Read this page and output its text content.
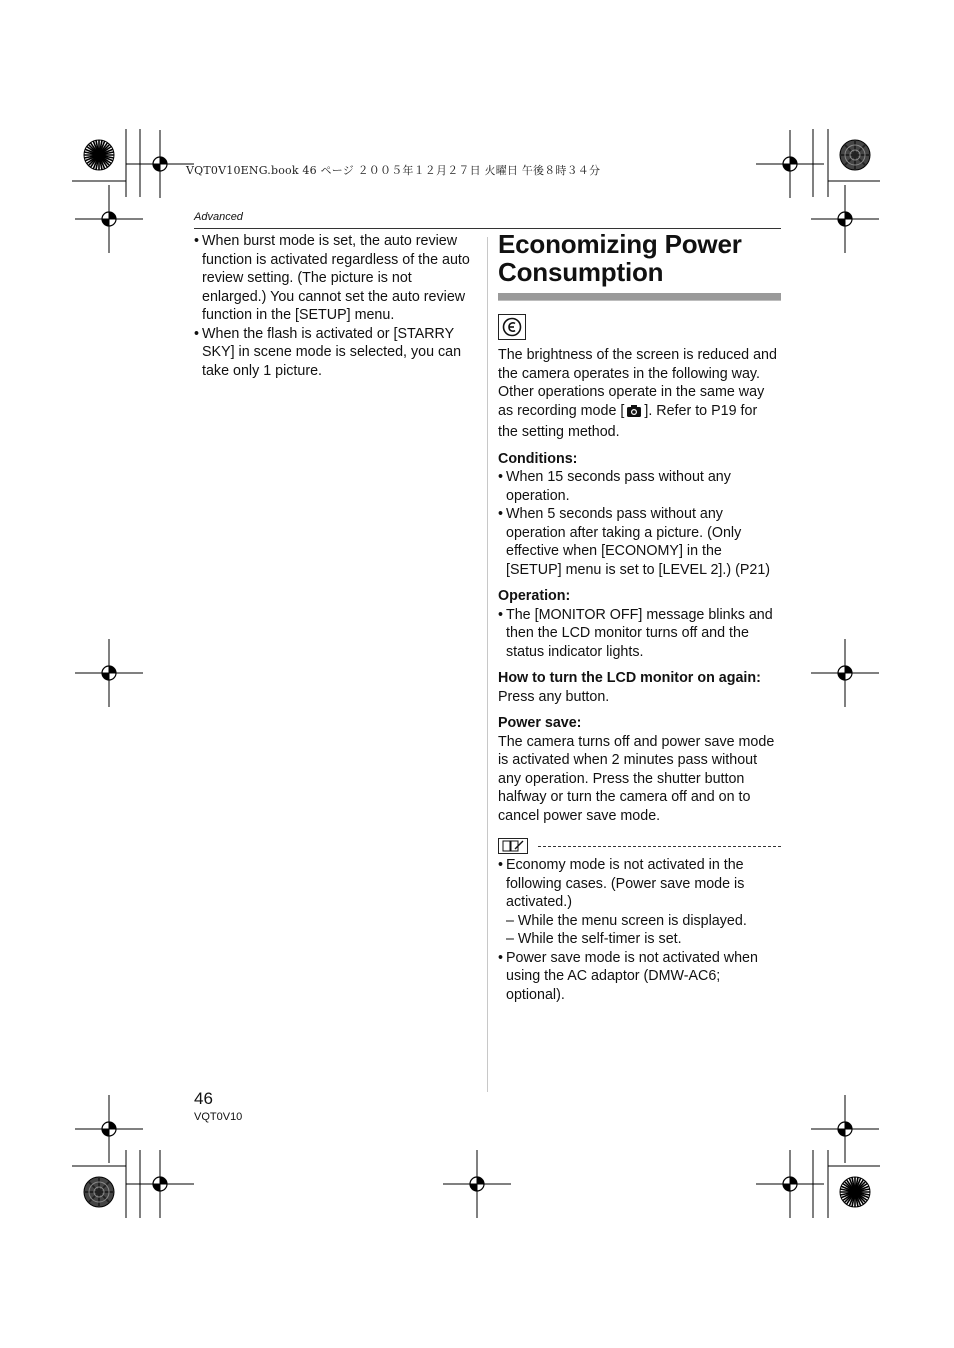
VQT0V10ENG.book 46 ページ ２００５年１２月２７日 火曜日 午後８時３４分
Advanced
• When burst mode is set, the auto review function is activated regardless of the auto review setting. (The picture is not enlarged.) You cannot set the auto review function in the [SETUP] menu.
• When the flash is activated or [STARRY SKY] in scene mode is selected, you can take only 1 picture.
Economizing Power
Consumption

The brightness of the screen is reduced and the camera operates in the following way. Other operations operate in the same way as recording mode [ ]. Refer to P19 for the setting method.

Conditions:
• When 15 seconds pass without any operation.
• When 5 seconds pass without any operation after taking a picture. (Only effective when [ECONOMY] in the [SETUP] menu is set to [LEVEL 2].) (P21)
Operation:
• The [MONITOR OFF] message blinks and then the LCD monitor turns off and the status indicator lights.
How to turn the LCD monitor on again:
Press any button.
Power save:
The camera turns off and power save mode is activated when 2 minutes pass without any operation. Press the shutter button halfway or turn the camera off and on to cancel power save mode.
• Economy mode is not activated in the following cases. (Power save mode is activated.)
– While the menu screen is displayed.
– While the self-timer is set.
• Power save mode is not activated when using the AC adaptor (DMW-AC6; optional).
46
VQT0V10
